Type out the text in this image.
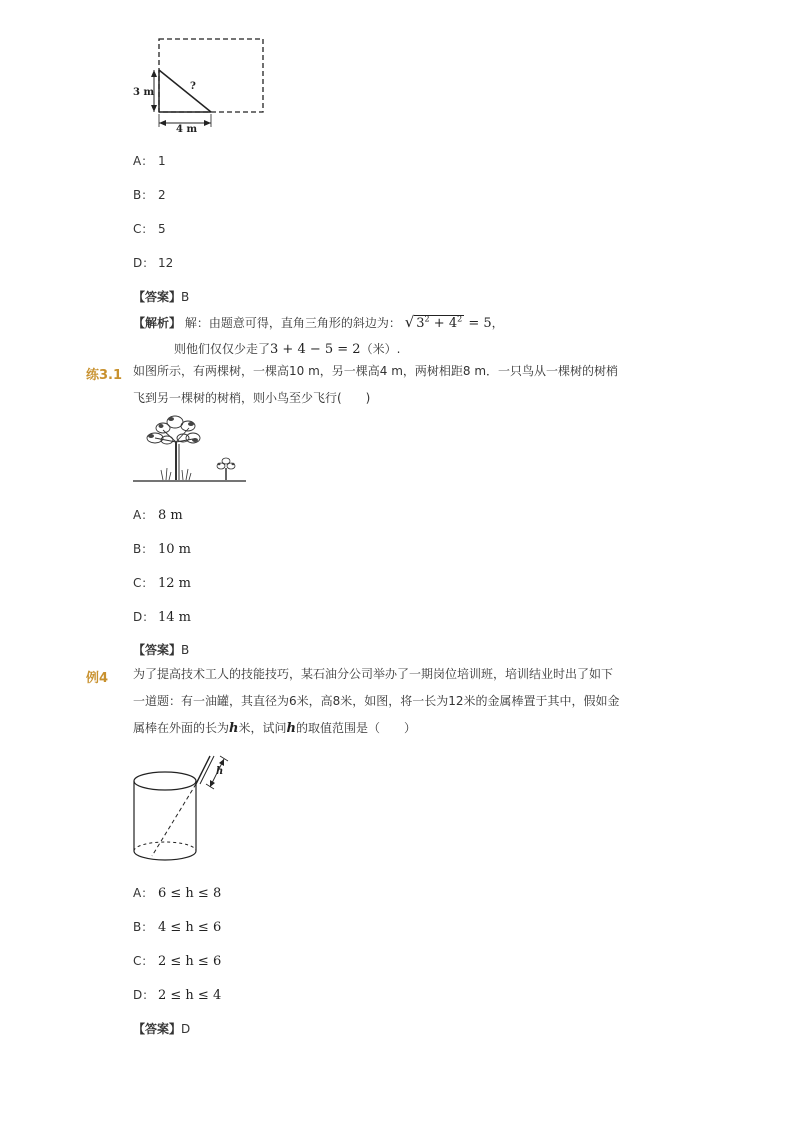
3 m
4 m
?
A： 1
B： 2
C： 5
D： 12
【答案】B
【解析】 解：由题意可得，直角三角形的斜边为： √ $3^2 + 4^2 = 5$，
则他们仅仅少走了3 + 4 − 5 = 2（米）.
练3.1 如图所示，有两棵树，一棵高10 m，另一棵高4 m，两树相距8 m．一只鸟从一棵树的树梢飞到另一棵树的树梢，则小鸟至少飞行(　　)
A： 8 m
B： 10 m
C： 12 m
D： 14 m
【答案】B
例4 为了提高技术工人的技能技巧，某石油分公司举办了一期岗位培训班，培训结业时出了如下一道题：有一油罐，其直径为6米，高8米，如图，将一长为12米的金属棒置于其中，假如金属棒在外面的长为h米，试问h的取值范围是（　　）
h
A： 6 ≤ h ≤ 8
B： 4 ≤ h ≤ 6
C： 2 ≤ h ≤ 6
D： 2 ≤ h ≤ 4
【答案】D
